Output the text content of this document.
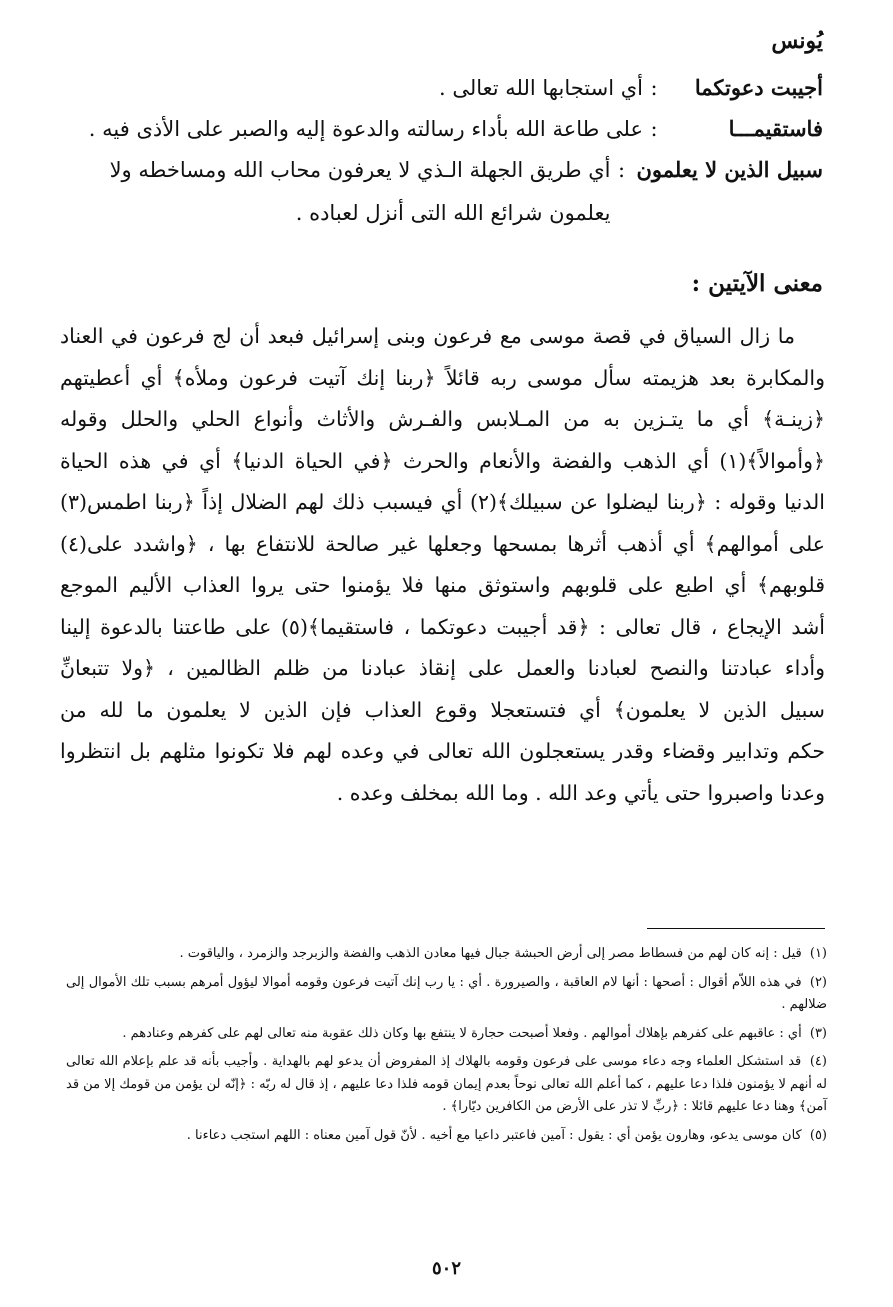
يُونس
أجيبت دعوتكما
:

أي استجابها الله تعالى .

فاستقيمـــا
:

على طاعة الله بأداء رسالته والدعوة إليه والصبر على الأذى فيه .

سبيل الذين لا يعلمون
:

أي طريق الجهلة الـذي لا يعرفون محاب الله ومساخطه ولا

يعلمون شرائع الله التى أنزل لعباده .

معنى الآيتين :
ما زال السياق في قصة موسى مع فرعون وبنى إسرائيل فبعد أن لج فرعون في العناد
والمكابرة بعد هزيمته سأل موسى ربه قائلاً ﴿ربنا إنك آتيت فرعون وملأه﴾ أي أعطيتهم
﴿زينـة﴾ أي ما يتـزين به من المـلابس والفـرش والأثاث وأنواع الحلي والحلل وقوله
﴿وأموالاً﴾(١) أي الذهب والفضة والأنعام والحرث ﴿في الحياة الدنيا﴾ أي في هذه الحياة
الدنيا وقوله : ﴿ربنا ليضلوا عن سبيلك﴾(٢) أي فيسبب ذلك لهم الضلال إذاً ﴿ربنا اطمس(٣)
على أموالهم﴾ أي أذهب أثرها بمسحها وجعلها غير صالحة للانتفاع بها ، ﴿واشدد على(٤)
قلوبهم﴾ أي اطبع على قلوبهم واستوثق منها فلا يؤمنوا حتى يروا العذاب الأليم الموجع
أشد الإيجاع ، قال تعالى : ﴿قد أجيبت دعوتكما ، فاستقيما﴾(٥) على طاعتنا بالدعوة إلينا
وأداء عبادتنا والنصح لعبادنا والعمل على إنقاذ عبادنا من ظلم الظالمين ، ﴿ولا تتبعانِّ
سبيل الذين لا يعلمون﴾ أي فتستعجلا وقوع العذاب فإن الذين لا يعلمون ما لله من
حكم وتدابير وقضاء وقدر يستعجلون الله تعالى في وعده لهم فلا تكونوا مثلهم بل انتظروا
وعدنا واصبروا حتى يأتي وعد الله . وما الله بمخلف وعده .

(١) قيل : إنه كان لهم من فسطاط مصر إلى أرض الحبشة جبال فيها معادن الذهب والفضة والزبرجد والزمرد ، والياقوت .

(٢) في هذه اللاّم أقوال : أصحها : أنها لام العاقبة ، والصيرورة . أي : يا رب إنك آتيت فرعون وقومه أموالا ليؤول أمرهم بسبب تلك الأموال إلى ضلالهم .

(٣) أي : عاقبهم على كفرهم بإهلاك أموالهم . وفعلا أصبحت حجارة لا ينتفع بها وكان ذلك عقوبة منه تعالى لهم على كفرهم وعنادهم .

(٤) قد استشكل العلماء وجه دعاء موسى على فرعون وقومه بالهلاك إذ المفروض أن يدعو لهم بالهداية . وأجيب بأنه قد علم بإعلام الله تعالى له أنهم لا يؤمنون فلذا دعا عليهم ، كما أعلم الله تعالى نوحاً بعدم إيمان قومه فلذا دعا عليهم ، إذ قال له ربّه : ﴿إنّه لن يؤمن من قومك إلا من قد آمن﴾ وهنا دعا عليهم قائلا : ﴿ربِّ لا تذر على الأرض من الكافرين ديّارا﴾ .

(٥) كان موسى يدعو، وهارون يؤمن أي : يقول : آمين فاعتبر داعيا مع أخيه . لأنّ قول آمين معناه : اللهم استجب دعاءنا .

٥٠٢
